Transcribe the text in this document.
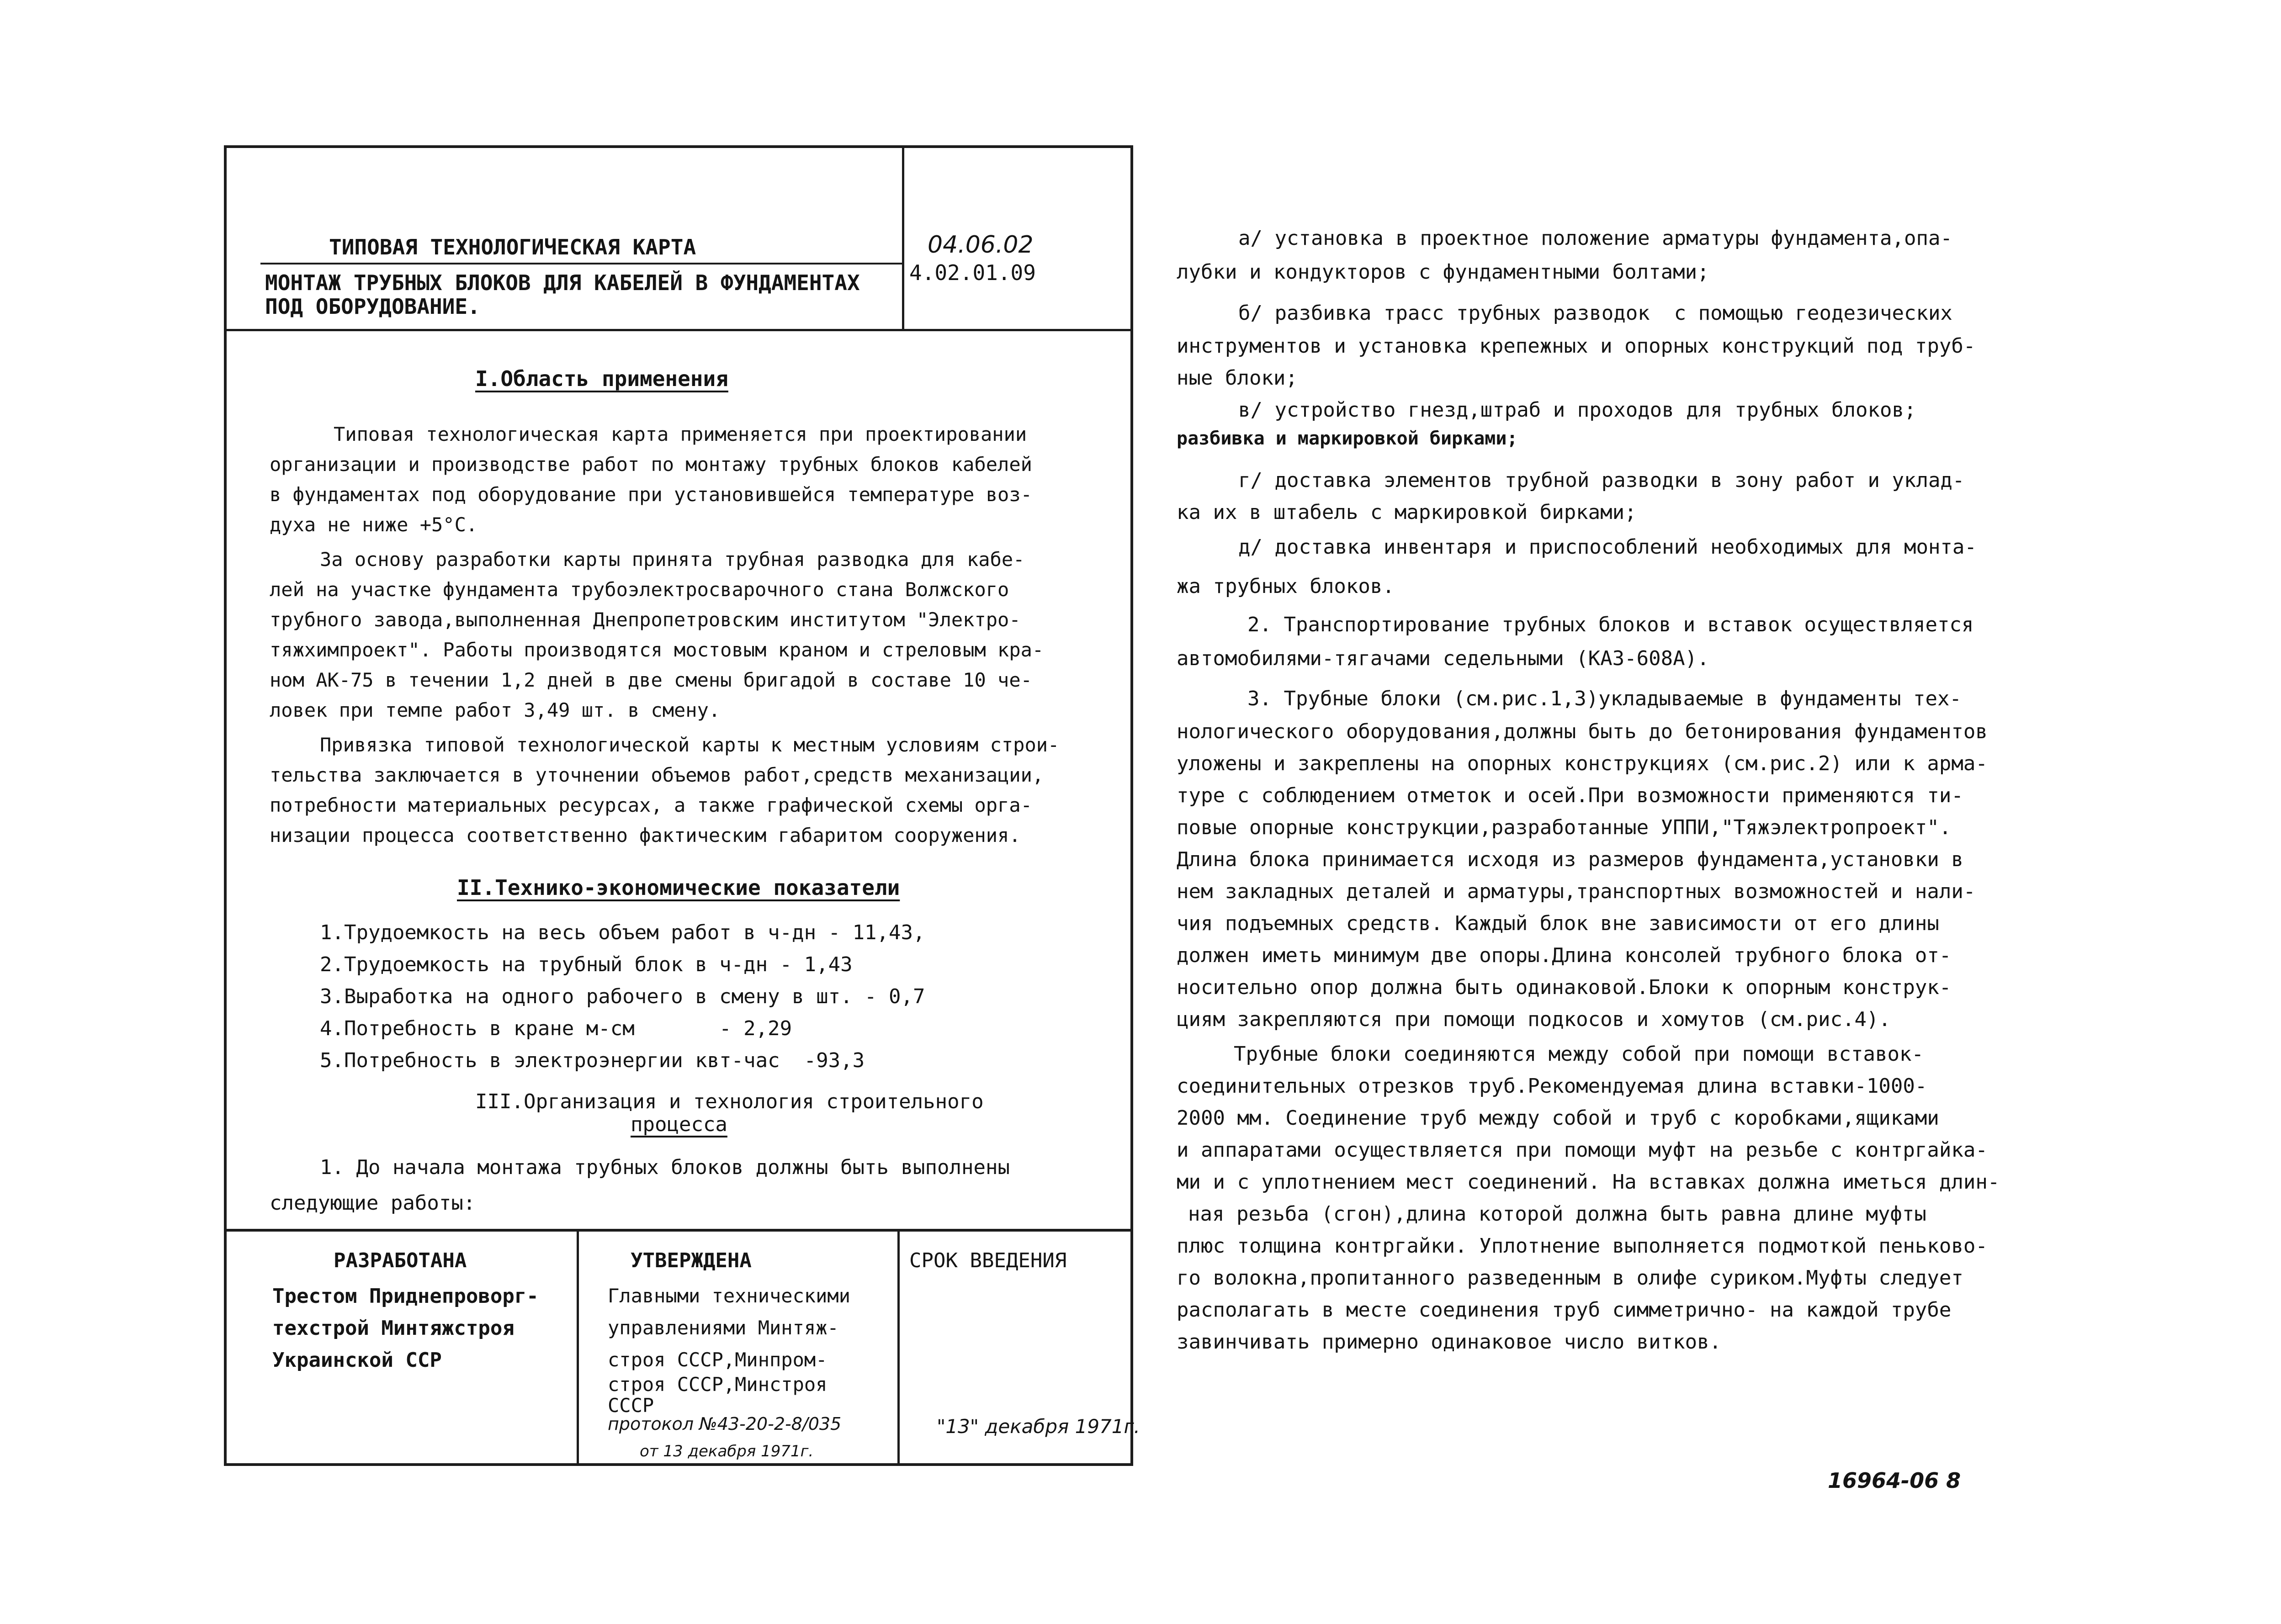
ТИПОВАЯ ТЕХНОЛОГИЧЕСКАЯ КАРТА
МОНТАЖ ТРУБНЫХ БЛОКОВ ДЛЯ КАБЕЛЕЙ В ФУНДАМЕНТАХ
ПОД ОБОРУДОВАНИЕ.
04.06.02
4.02.01.09
I.Область применения
Типовая технологическая карта применяется при проектировании
организации и производстве работ по монтажу трубных блоков кабелей
в фундаментах под оборудование при установившейся температуре воз-
духа не ниже +5°С.
За основу разработки карты принята трубная разводка для кабе-
лей на участке фундамента трубоэлектросварочного стана Волжского
трубного завода,выполненная Днепропетровским институтом "Электро-
тяжхимпроект". Работы производятся мостовым краном и стреловым кра-
ном АК-75 в течении 1,2 дней в две смены бригадой в составе 10 че-
ловек при темпе работ 3,49 шт. в смену.
Привязка типовой технологической карты к местным условиям строи-
тельства заключается в уточнении объемов работ,средств механизации,
потребности материальных ресурсах, а также графической схемы орга-
низации процесса соответственно фактическим габаритом сооружения.
II.Технико-экономические показатели
1.Трудоемкость на весь объем работ в ч-дн - 11,43,
2.Трудоемкость на трубный блок в ч-дн - 1,43
3.Выработка на одного рабочего в смену в шт. - 0,7
4.Потребность в кране м-см       - 2,29
5.Потребность в электроэнергии квт-час  -93,3
III.Организация и технология строительного
процесса
1. До начала монтажа трубных блоков должны быть выполнены
следующие работы:
РАЗРАБОТАНА
Трестом Приднепроворг-
техстрой Минтяжстроя
Украинской ССР
УТВЕРЖДЕНА
Главными техническими
управлениями Минтяж-
строя СССР,Минпром-
строя СССР,Минстроя
СССР
протокол №43-20-2-8/035
от 13 декабря 1971г.
СРОК ВВЕДЕНИЯ
"13" декабря 1971г.
а/ установка в проектное положение арматуры фундамента,опа-
лубки и кондукторов с фундаментными болтами;
б/ разбивка трасс трубных разводок  с помощью геодезических
инструментов и установка крепежных и опорных конструкций под труб-
ные блоки;
в/ устройство гнезд,штраб и проходов для трубных блоков;
разбивка и маркировкой бирками;
г/ доставка элементов трубной разводки в зону работ и уклад-
ка их в штабель с маркировкой бирками;
д/ доставка инвентаря и приспособлений необходимых для монта-
жа трубных блоков.
2. Транспортирование трубных блоков и вставок осуществляется
автомобилями-тягачами седельными (КАЗ-608А).
3. Трубные блоки (см.рис.1,3)укладываемые в фундаменты тех-
нологического оборудования,должны быть до бетонирования фундаментов
уложены и закреплены на опорных конструкциях (см.рис.2) или к арма-
туре с соблюдением отметок и осей.При возможности применяются ти-
повые опорные конструкции,разработанные УППИ,"Тяжэлектропроект".
Длина блока принимается исходя из размеров фундамента,установки в
нем закладных деталей и арматуры,транспортных возможностей и нали-
чия подъемных средств. Каждый блок вне зависимости от его длины
должен иметь минимум две опоры.Длина консолей трубного блока от-
носительно опор должна быть одинаковой.Блоки к опорным конструк-
циям закрепляются при помощи подкосов и хомутов (см.рис.4).
Трубные блоки соединяются между собой при помощи вставок-
соединительных отрезков труб.Рекомендуемая длина вставки-1000-
2000 мм. Соединение труб между собой и труб с коробками,ящиками
и аппаратами осуществляется при помощи муфт на резьбе с контргайка-
ми и с уплотнением мест соединений. На вставках должна иметься длин-
ная резьба (сгон),длина которой должна быть равна длине муфты
плюс толщина контргайки. Уплотнение выполняется подмоткой пеньково-
го волокна,пропитанного разведенным в олифе суриком.Муфты следует
располагать в месте соединения труб симметрично- на каждой трубе
завинчивать примерно одинаковое число витков.
16964-06 8
